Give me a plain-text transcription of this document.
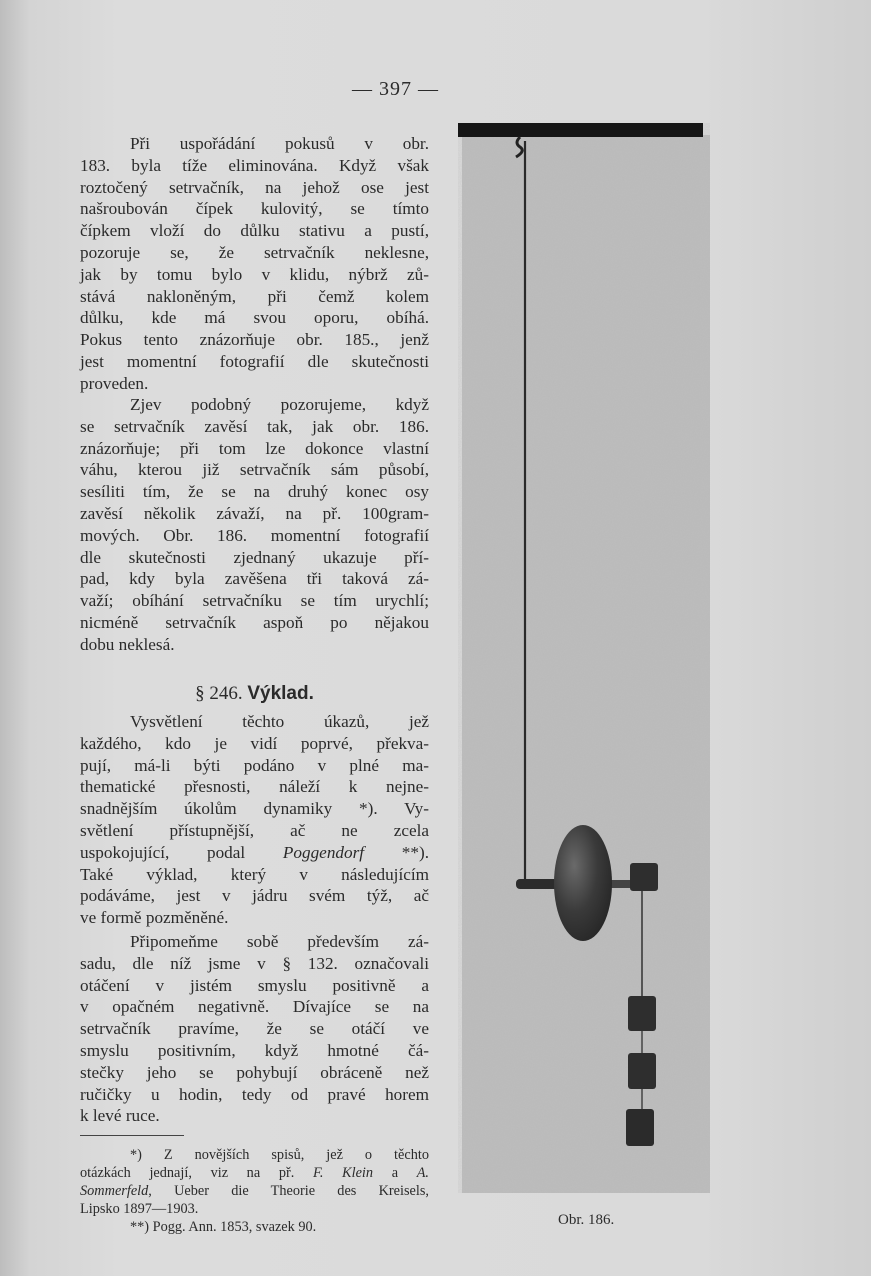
— 397 —
Při uspořádání pokusů v obr.
183. byla tíže eliminována. Když však
roztočený setrvačník, na jehož ose jest
našroubován čípek kulovitý, se tímto
čípkem vloží do důlku stativu a pustí,
pozoruje se, že setrvačník neklesne,
jak by tomu bylo v klidu, nýbrž zů-
stává nakloněným, při čemž kolem
důlku, kde má svou oporu, obíhá.
Pokus tento znázorňuje obr. 185., jenž
jest momentní fotografií dle skutečnosti
proveden.
Zjev podobný pozorujeme, když
se setrvačník zavěsí tak, jak obr. 186.
znázorňuje; při tom lze dokonce vlastní
váhu, kterou již setrvačník sám působí,
sesíliti tím, že se na druhý konec osy
zavěsí několik závaží, na př. 100gram-
mových. Obr. 186. momentní fotografií
dle skutečnosti zjednaný ukazuje pří-
pad, kdy byla zavěšena tři taková zá-
važí; obíhání setrvačníku se tím urychlí;
nicméně setrvačník aspoň po nějakou
dobu neklesá.
§ 246. Výklad.
Vysvětlení těchto úkazů, jež
každého, kdo je vidí poprvé, překva-
pují, má-li býti podáno v plné ma-
thematické přesnosti, náleží k nejne-
snadnějším úkolům dynamiky *). Vy-
světlení přístupnější, ač ne zcela
uspokojující, podal Poggendorf **).
Také výklad, který v následujícím
podáváme, jest v jádru svém týž, ač
ve formě pozměněné.
Připomeňme sobě především zá-
sadu, dle níž jsme v § 132. označovali
otáčení v jistém smyslu positivně a
v opačném negativně. Dívajíce se na
setrvačník pravíme, že se otáčí ve
smyslu positivním, když hmotné čá-
stečky jeho se pohybují obráceně než
ručičky u hodin, tedy od pravé horem
k levé ruce.
*) Z novějších spisů, jež o těchto
otázkách jednají, viz na př. F. Klein a A.
Sommerfeld, Ueber die Theorie des Kreisels,
Lipsko 1897—1903.
**) Pogg. Ann. 1853, svazek 90.	Obr. 186.
